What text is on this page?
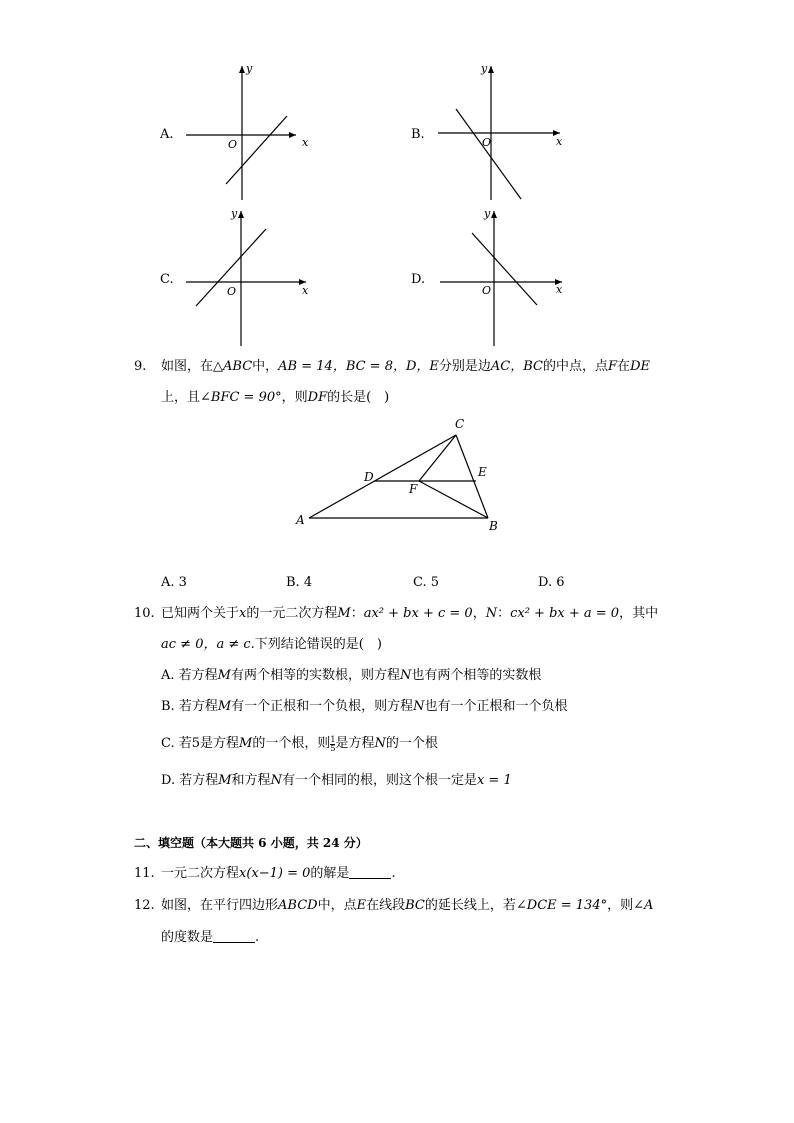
A.	B.
C.	D.
y
x
O
y
x
O
y
x
O
y
x
O
9. 如图，在△ABC中，AB = 14，BC = 8，D，E分别是边AC，BC的中点，点F在DE
上，且∠BFC = 90°，则DF的长是(　)
C
D	E
F
A	B
A. 3	B. 4	C. 5	D. 6
10. 已知两个关于x的一元二次方程M：ax² + bx + c = 0，N：cx² + bx + a = 0，其中
ac ≠ 0，a ≠ c.下列结论错误的是(　)
A. 若方程M有两个相等的实数根，则方程N也有两个相等的实数根
B. 若方程M有一个正根和一个负根，则方程N也有一个正根和一个负根
C. 若5是方程M的一个根，则 $\frac{1}{5}$ 是方程N的一个根
D. 若方程M和方程N有一个相同的根，则这个根一定是x = 1
二、填空题（本大题共 6 小题，共 24 分）
11. 一元二次方程x(x−1) = 0的解是	.
12. 如图，在平行四边形ABCD中，点E在线段BC的延长线上，若∠DCE = 134°，则∠A
的度数是	.
